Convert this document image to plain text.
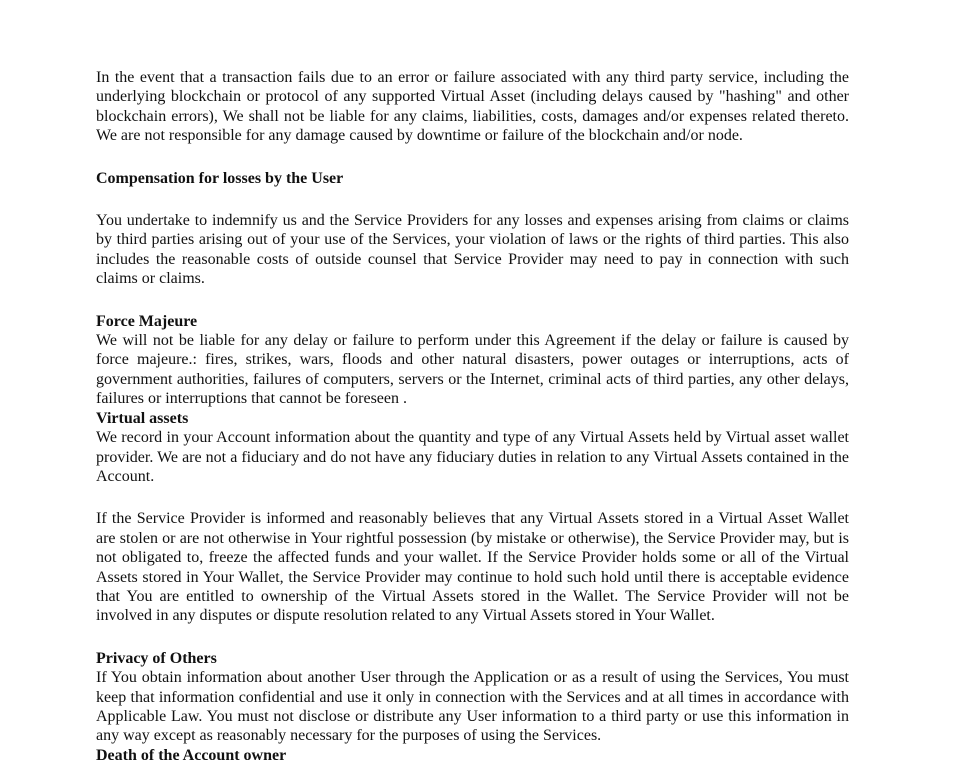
In the event that a transaction fails due to an error or failure associated with any third party service, including the underlying blockchain or protocol of any supported Virtual Asset (including delays caused by "hashing" and other blockchain errors), We shall not be liable for any claims, liabilities, costs, damages and/or expenses related thereto. We are not responsible for any damage caused by downtime or failure of the blockchain and/or node.

Compensation for losses by the User

You undertake to indemnify us and the Service Providers for any losses and expenses arising from claims or claims by third parties arising out of your use of the Services, your violation of laws or the rights of third parties. This also includes the reasonable costs of outside counsel that Service Provider may need to pay in connection with such claims or claims.

Force Majeure

We will not be liable for any delay or failure to perform under this Agreement if the delay or failure is caused by force majeure.: fires, strikes, wars, floods and other natural disasters, power outages or interruptions, acts of government authorities, failures of computers, servers or the Internet, criminal acts of third parties, any other delays, failures or interruptions that cannot be foreseen .

Virtual assets

We record in your Account information about the quantity and type of any Virtual Assets held by Virtual asset wallet provider. We are not a fiduciary and do not have any fiduciary duties in relation to any Virtual Assets contained in the Account.

If the Service Provider is informed and reasonably believes that any Virtual Assets stored in a Virtual Asset Wallet are stolen or are not otherwise in Your rightful possession (by mistake or otherwise), the Service Provider may, but is not obligated to, freeze the affected funds and your wallet. If the Service Provider holds some or all of the Virtual Assets stored in Your Wallet, the Service Provider may continue to hold such hold until there is acceptable evidence that You are entitled to ownership of the Virtual Assets stored in the Wallet. The Service Provider will not be involved in any disputes or dispute resolution related to any Virtual Assets stored in Your Wallet.

Privacy of Others

If You obtain information about another User through the Application or as a result of using the Services, You must keep that information confidential and use it only in connection with the Services and at all times in accordance with Applicable Law. You must not disclose or distribute any User information to a third party or use this information in any way except as reasonably necessary for the purposes of using the Services.

Death of the Account owner
